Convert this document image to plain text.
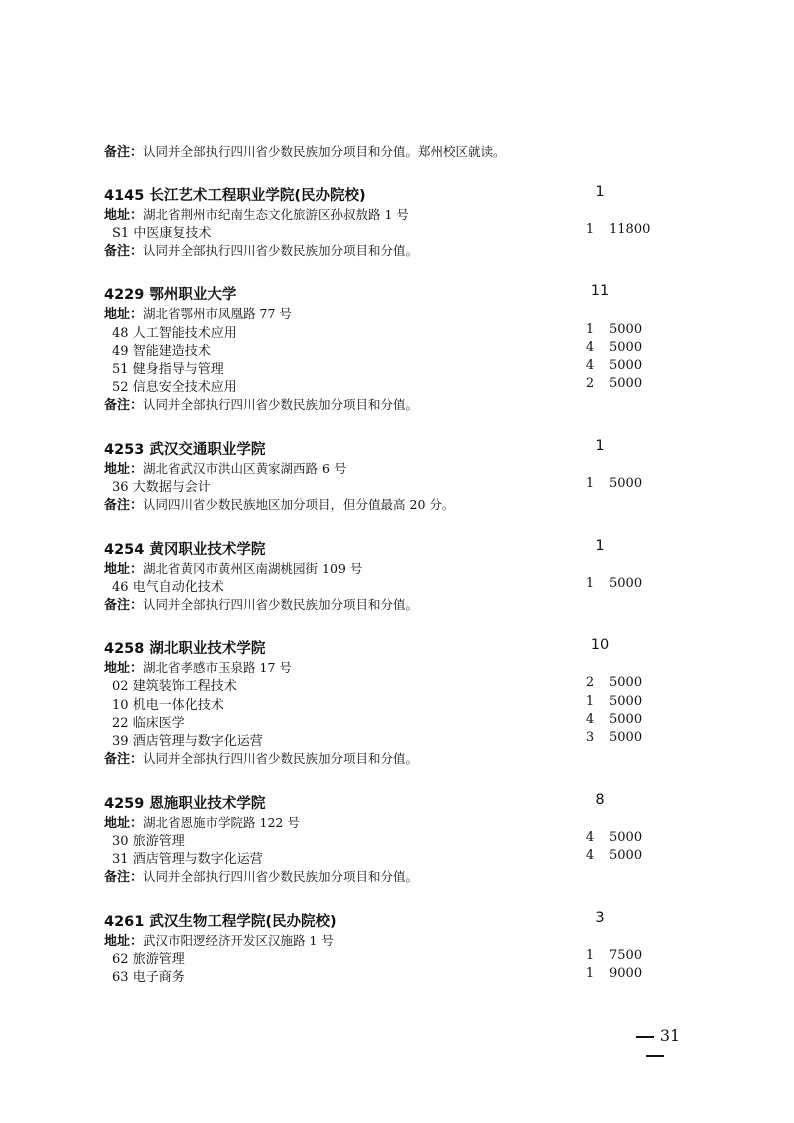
备注：认同并全部执行四川省少数民族加分项目和分值。郑州校区就读。
4145 长江艺术工程职业学院(民办院校)	1
地址：湖北省荆州市纪南生态文化旅游区孙叔敖路 1 号
S1 中医康复技术	1 11800
备注：认同并全部执行四川省少数民族加分项目和分值。
4229 鄂州职业大学	11
地址：湖北省鄂州市凤凰路 77 号
48 人工智能技术应用	1 5000
49 智能建造技术	4 5000
51 健身指导与管理	4 5000
52 信息安全技术应用	2 5000
备注：认同并全部执行四川省少数民族加分项目和分值。
4253 武汉交通职业学院	1
地址：湖北省武汉市洪山区黄家湖西路 6 号
36 大数据与会计	1 5000
备注：认同四川省少数民族地区加分项目，但分值最高 20 分。
4254 黄冈职业技术学院	1
地址：湖北省黄冈市黄州区南湖桃园街 109 号
46 电气自动化技术	1 5000
备注：认同并全部执行四川省少数民族加分项目和分值。
4258 湖北职业技术学院	10
地址：湖北省孝感市玉泉路 17 号
02 建筑装饰工程技术	2 5000
10 机电一体化技术	1 5000
22 临床医学	4 5000
39 酒店管理与数字化运营	3 5000
备注：认同并全部执行四川省少数民族加分项目和分值。
4259 恩施职业技术学院	8
地址：湖北省恩施市学院路 122 号
30 旅游管理	4 5000
31 酒店管理与数字化运营	4 5000
备注：认同并全部执行四川省少数民族加分项目和分值。
4261 武汉生物工程学院(民办院校)	3
地址：武汉市阳逻经济开发区汉施路 1 号
62 旅游管理	1 7500
63 电子商务	1 9000
31
